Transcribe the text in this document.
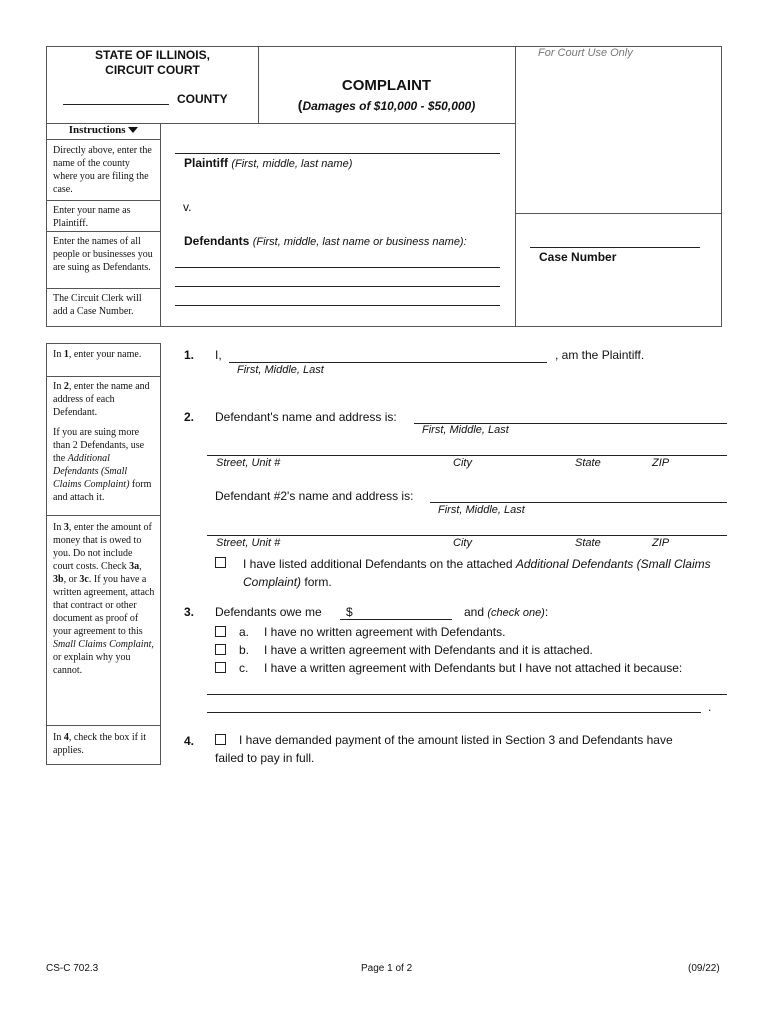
STATE OF ILLINOIS,
CIRCUIT COURT
COUNTY
For Court Use Only
COMPLAINT
(Damages of $10,000 - $50,000)
Instructions
Directly above, enter the name of the county where you are filing the case.
Enter your name as Plaintiff.
Enter the names of all people or businesses you are suing as Defendants.
The Circuit Clerk will add a Case Number.
Plaintiff (First, middle, last name)
v.
Defendants (First, middle, last name or business name):
Case Number
In 1, enter your name.
In 2, enter the name and address of each Defendant.
If you are suing more than 2 Defendants, use the Additional Defendants (Small Claims Complaint) form and attach it.
In 3, enter the amount of money that is owed to you. Do not include court costs. Check 3a, 3b, or 3c. If you have a written agreement, attach that contract or other document as proof of your agreement to this Small Claims Complaint, or explain why you cannot.
In 4, check the box if it applies.
1. I,	, am the Plaintiff.
First, Middle, Last
2. Defendant's name and address is:
First, Middle, Last
Street, Unit #	City	State	ZIP
Defendant #2's name and address is:
First, Middle, Last
Street, Unit #	City	State	ZIP
I have listed additional Defendants on the attached Additional Defendants (Small Claims Complaint) form.
3. Defendants owe me $	and (check one):
a. I have no written agreement with Defendants.
b. I have a written agreement with Defendants and it is attached.
c. I have a written agreement with Defendants but I have not attached it because:
.
4.	I have demanded payment of the amount listed in Section 3 and Defendants have
failed to pay in full.
CS-C 702.3	Page 1 of 2	(09/22)
